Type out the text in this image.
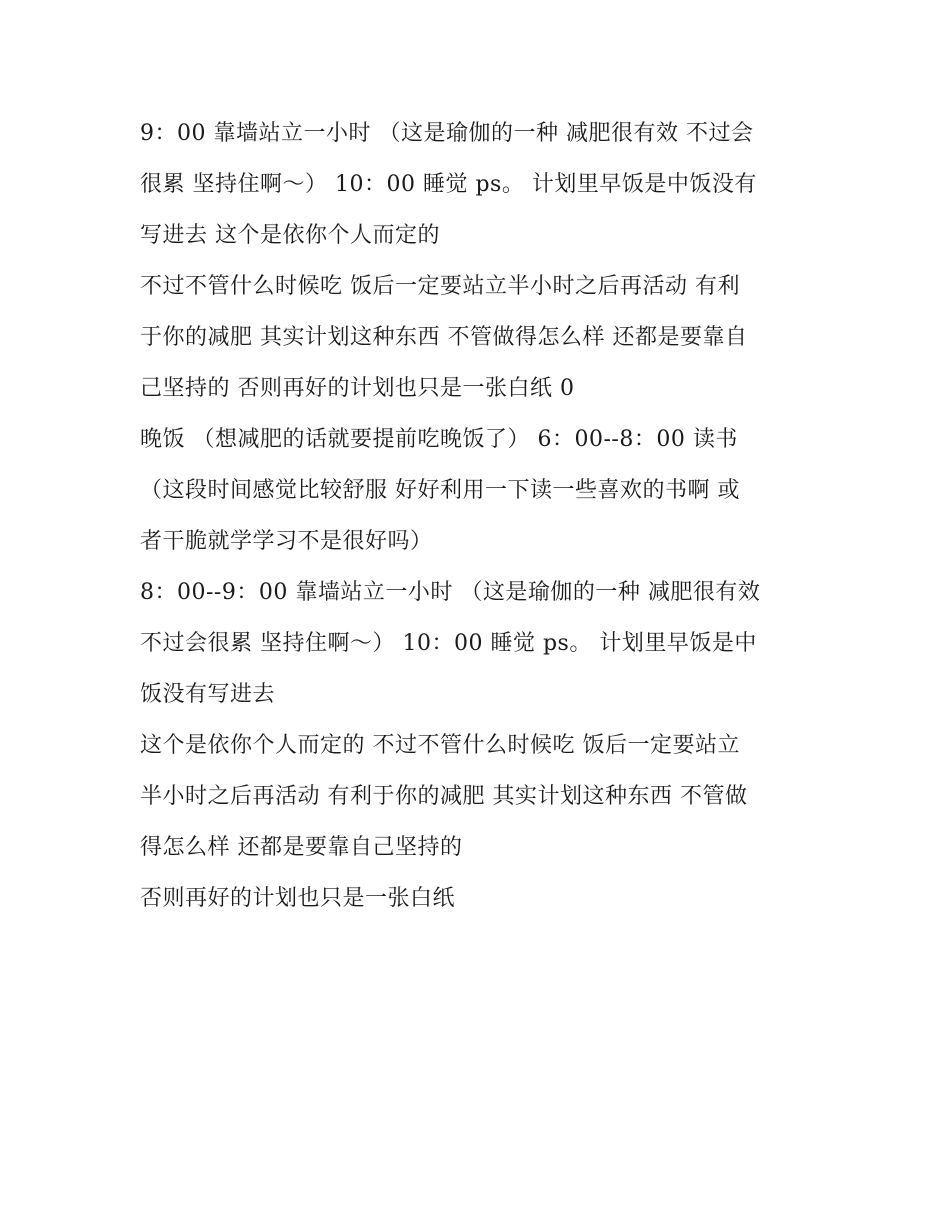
9：00 靠墙站立一小时 （这是瑜伽的一种 减肥很有效 不过会
很累 坚持住啊～） 10：00 睡觉 ps。 计划里早饭是中饭没有
写进去 这个是依你个人而定的
不过不管什么时候吃 饭后一定要站立半小时之后再活动 有利
于你的减肥 其实计划这种东西 不管做得怎么样 还都是要靠自
己坚持的 否则再好的计划也只是一张白纸 0
晚饭 （想减肥的话就要提前吃晚饭了） 6：00--8：00 读书
（这段时间感觉比较舒服 好好利用一下读一些喜欢的书啊 或
者干脆就学学习不是很好吗）
8：00--9：00 靠墙站立一小时 （这是瑜伽的一种 减肥很有效
不过会很累 坚持住啊～） 10：00 睡觉 ps。 计划里早饭是中
饭没有写进去
这个是依你个人而定的 不过不管什么时候吃 饭后一定要站立
半小时之后再活动 有利于你的减肥 其实计划这种东西 不管做
得怎么样 还都是要靠自己坚持的
否则再好的计划也只是一张白纸
